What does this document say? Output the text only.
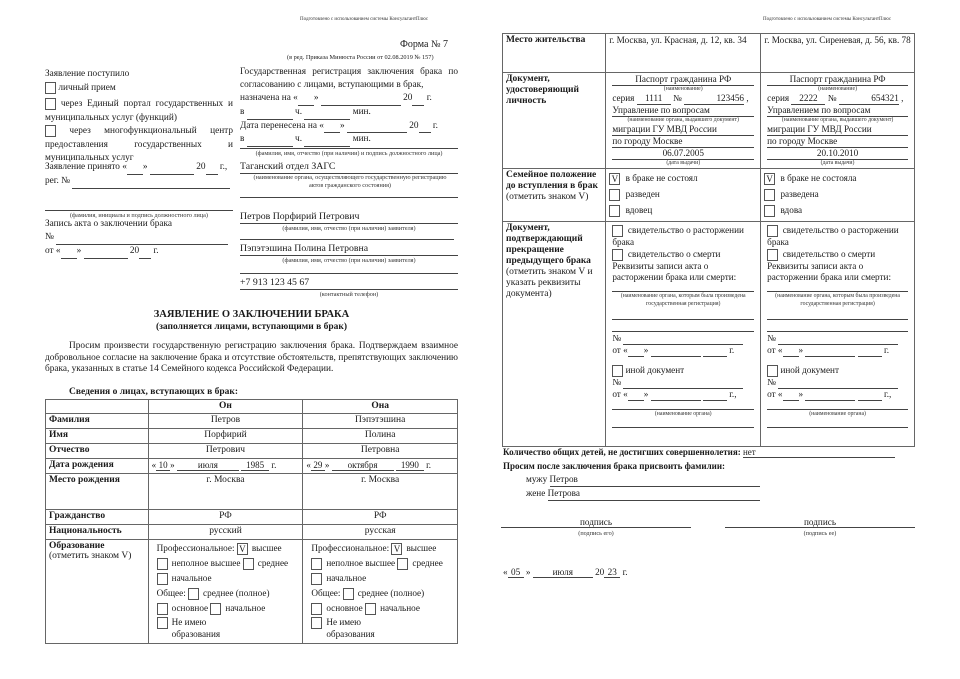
Подготовлено с использованием системы КонсультантПлюс
Форма № 7
(в ред. Приказа Минюста России от 02.08.2019 № 157)
Заявление поступило
личный прием
через Единый портал государственных и муниципальных услуг (функций)
через многофункциональный центр предоставления государственных и муниципальных услуг
Заявление принято « »	20 г.,
рег. №
(фамилия, инициалы и подпись должностного лица)
Запись акта о заключении брака
№
от « »	20 г.
Государственная регистрация заключения брака по согласованию с лицами, вступающими в брак,
назначена на « »	20 г.
в	ч.	мин.
Дата перенесена на « »	20 г.
в	ч.	мин.
(фамилия, имя, отчество (при наличии) и подпись должностного лица)
Таганский отдел ЗАГС
(наименование органа, осуществляющего государственную регистрацию актов гражданского состояния)
Петров Порфирий Петрович
(фамилия, имя, отчество (при наличии) заявителя)
Пэпэтэшина Полина Петровна
(фамилия, имя, отчество (при наличии) заявителя)
+7 913 123 45 67
(контактный телефон)
ЗАЯВЛЕНИЕ О ЗАКЛЮЧЕНИИ БРАКА
(заполняется лицами, вступающими в брак)
Просим произвести государственную регистрацию заключения брака. Подтверждаем взаимное добровольное согласие на заключение брака и отсутствие обстоятельств, препятствующих заключению брака, указанных в статье 14 Семейного кодекса Российской Федерации.
Сведения о лицах, вступающих в брак:
	Он	Она
Фамилия	Петров	Пэпэтэшина
Имя	Порфирий	Полина
Отчество	Петрович	Петровна
Дата рождения	« 10 » июля 1985 г.	« 29 » октября 1990 г.
Место рождения	г. Москва	г. Москва
Гражданство	РФ	РФ
Национальность	русский	русская

Образование
(отметить знаком V)

Профессиональное: V высшее
неполное высшее среднее
начальное
Общее: среднее (полное)
основное начальное
Не имею
образования

Профессиональное: V высшее
неполное высшее среднее
начальное
Общее: среднее (полное)
основное начальное
Не имею
образования
Подготовлено с использованием системы КонсультантПлюс
Место жительства	г. Москва, ул. Красная, д. 12, кв. 34	г. Москва, ул. Сиреневая, д. 56, кв. 78
Документ, удостоверяющий личность	
Паспорт гражданина РФ
(наименование)
серия 1111 №	123456 ,
Управление по вопросам
(наименование органа, выдавшего документ)
миграции ГУ МВД России
по городу Москве
06.07.2005
(дата выдачи)

Паспорт гражданина РФ
(наименование)
серия 2222 №	654321 ,
Управлением по вопросам
(наименование органа, выдавшего документ)
миграции ГУ МВД России
по городу Москве
20.10.2010
(дата выдачи)

Семейное положение до вступления в брак
(отметить знаком V)

V в браке не состоял
разведен
вдовец

V в браке не состояла
разведена
вдова

Документ, подтверждающий прекращение предыдущего брака
(отметить знаком V и указать реквизиты документа)

свидетельство о расторжении брака
свидетельство о смерти
Реквизиты записи акта о расторжении брака или смерти:
(наименование органа, которым была произведена государственная регистрация)
№
от « »	г.
иной документ
№
от « »	г.,
(наименование органа)

свидетельство о расторжении брака
свидетельство о смерти
Реквизиты записи акта о расторжении брака или смерти:
(наименование органа, которым была произведена государственная регистрация)
№
от « »	г.
иной документ
№
от « »	г.,
(наименование органа)
Количество общих детей, не достигших совершеннолетия: нет
Просим после заключения брака присвоить фамилии:
мужу Петров
жене Петрова
подпись
(подпись его)
подпись
(подпись ее)
« 05 » июля 20 23 г.
